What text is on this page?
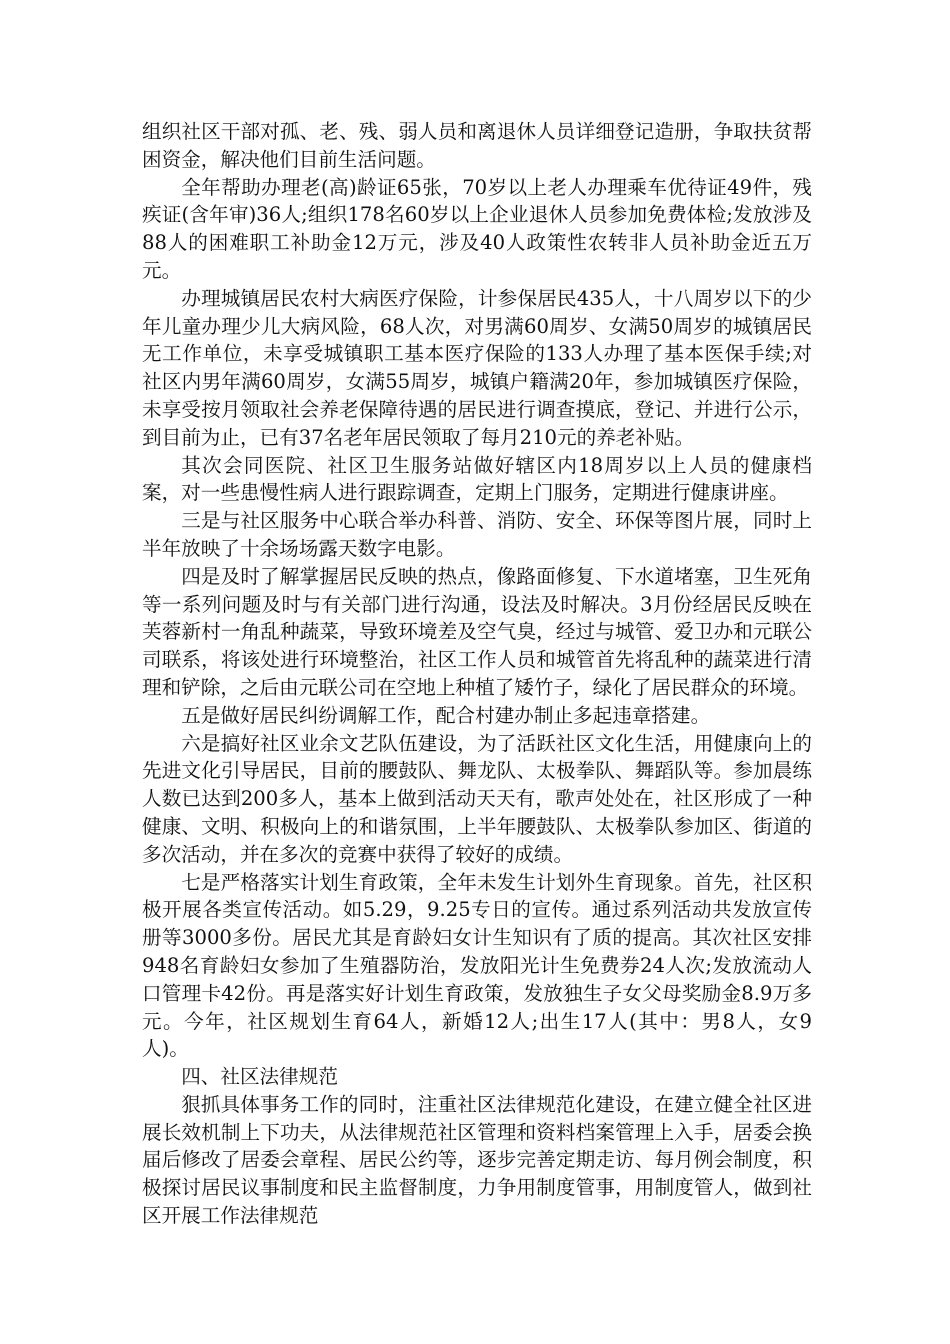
组织社区干部对孤、老、残、弱人员和离退休人员详细登记造册，争取扶贫帮困资金，解决他们目前生活问题。

全年帮助办理老(高)龄证65张，70岁以上老人办理乘车优待证49件，残疾证(含年审)36人;组织178名60岁以上企业退休人员参加免费体检;发放涉及88人的困难职工补助金12万元，涉及40人政策性农转非人员补助金近五万元。

办理城镇居民农村大病医疗保险，计参保居民435人，十八周岁以下的少年儿童办理少儿大病风险，68人次，对男满60周岁、女满50周岁的城镇居民无工作单位，未享受城镇职工基本医疗保险的133人办理了基本医保手续;对社区内男年满60周岁，女满55周岁，城镇户籍满20年，参加城镇医疗保险，未享受按月领取社会养老保障待遇的居民进行调查摸底，登记、并进行公示，到目前为止，已有37名老年居民领取了每月210元的养老补贴。

其次会同医院、社区卫生服务站做好辖区内18周岁以上人员的健康档案，对一些患慢性病人进行跟踪调查，定期上门服务，定期进行健康讲座。

三是与社区服务中心联合举办科普、消防、安全、环保等图片展，同时上半年放映了十余场场露天数字电影。

四是及时了解掌握居民反映的热点，像路面修复、下水道堵塞，卫生死角等一系列问题及时与有关部门进行沟通，设法及时解决。3月份经居民反映在芙蓉新村一角乱种蔬菜，导致环境差及空气臭，经过与城管、爱卫办和元联公司联系，将该处进行环境整治，社区工作人员和城管首先将乱种的蔬菜进行清理和铲除，之后由元联公司在空地上种植了矮竹子，绿化了居民群众的环境。

五是做好居民纠纷调解工作，配合村建办制止多起违章搭建。

六是搞好社区业余文艺队伍建设，为了活跃社区文化生活，用健康向上的先进文化引导居民，目前的腰鼓队、舞龙队、太极拳队、舞蹈队等。参加晨练人数已达到200多人，基本上做到活动天天有，歌声处处在，社区形成了一种健康、文明、积极向上的和谐氛围，上半年腰鼓队、太极拳队参加区、街道的多次活动，并在多次的竞赛中获得了较好的成绩。

七是严格落实计划生育政策，全年未发生计划外生育现象。首先，社区积极开展各类宣传活动。如5.29，9.25专日的宣传。通过系列活动共发放宣传册等3000多份。居民尤其是育龄妇女计生知识有了质的提高。其次社区安排948名育龄妇女参加了生殖器防治，发放阳光计生免费券24人次;发放流动人口管理卡42份。再是落实好计划生育政策，发放独生子女父母奖励金8.9万多元。今年，社区规划生育64人，新婚12人;出生17人(其中：男8人，女9人)。

四、社区法律规范

狠抓具体事务工作的同时，注重社区法律规范化建设，在建立健全社区进展长效机制上下功夫，从法律规范社区管理和资料档案管理上入手，居委会换届后修改了居委会章程、居民公约等，逐步完善定期走访、每月例会制度，积极探讨居民议事制度和民主监督制度，力争用制度管事，用制度管人，做到社区开展工作法律规范
